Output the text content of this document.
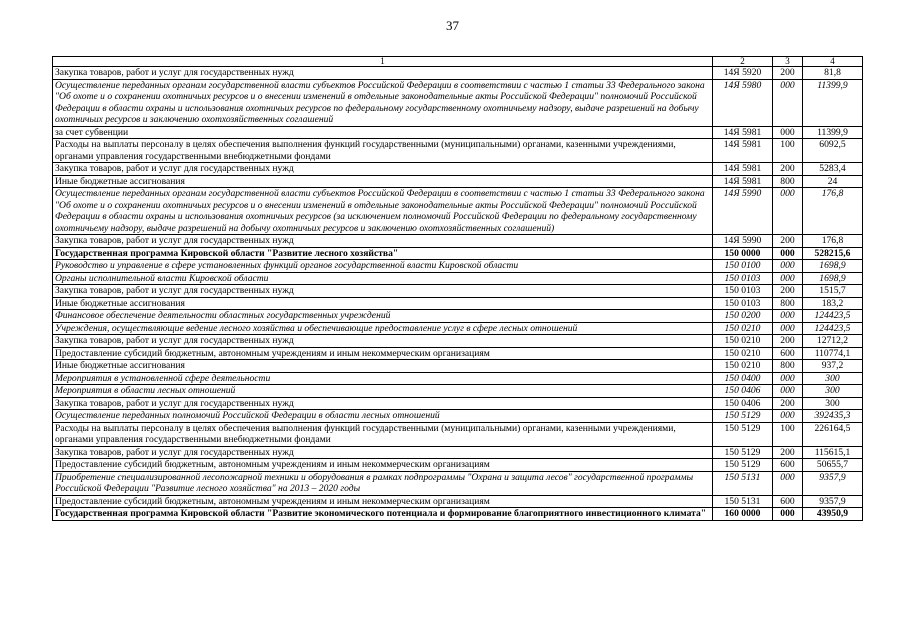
37
1	2	3	4
Закупка товаров, работ и услуг для государственных нужд	14Я 5920	200	81,8
Осуществление переданных органам государственной власти субъектов Российской Федерации в соответствии с частью 1 статьи 33 Федерального закона "Об охоте и о сохранении охотничьих ресурсов и о внесении изменений в отдельные законодательные акты Российской Федерации" полномочий Российской Федерации в области охраны и использования охотничьих ресурсов по федеральному государственному охотничьему надзору, выдаче разрешений на добычу охотничьих ресурсов и заключению охотхозяйственных соглашений	14Я 5980	000	11399,9
за счет субвенции	14Я 5981	000	11399,9
Расходы на выплаты персоналу в целях обеспечения выполнения функций государственными (муниципальными) органами, казенными учреждениями, органами управления государственными внебюджетными фондами	14Я 5981	100	6092,5
Закупка товаров, работ и услуг для государственных нужд	14Я 5981	200	5283,4
Иные бюджетные ассигнования	14Я 5981	800	24
Осуществление переданных органам государственной власти субъектов Российской Федерации в соответствии с частью 1 статьи 33 Федерального закона "Об охоте и о сохранении охотничьих ресурсов и о внесении изменений в отдельные законодательные акты Российской Федерации" полномочий Российской Федерации в области охраны и использования охотничьих ресурсов (за исключением полномочий Российской Федерации по федеральному государственному охотничьему надзору, выдаче разрешений на добычу охотничьих ресурсов и заключению охотхозяйственных соглашений)	14Я 5990	000	176,8
Закупка товаров, работ и услуг для государственных нужд	14Я 5990	200	176,8
Государственная программа Кировской области "Развитие лесного хозяйства"	150 0000	000	528215,6
Руководство и управление в сфере установленных функций органов государственной власти Кировской области	150 0100	000	1698,9
Органы исполнительной власти Кировской области	150 0103	000	1698,9
Закупка товаров, работ и услуг для государственных нужд	150 0103	200	1515,7
Иные бюджетные ассигнования	150 0103	800	183,2
Финансовое обеспечение деятельности областных государственных учреждений	150 0200	000	124423,5
Учреждения, осуществляющие ведение лесного хозяйства и обеспечивающие предоставление услуг в сфере лесных отношений	150 0210	000	124423,5
Закупка товаров, работ и услуг для государственных нужд	150 0210	200	12712,2
Предоставление субсидий бюджетным, автономным учреждениям и иным некоммерческим организациям	150 0210	600	110774,1
Иные бюджетные ассигнования	150 0210	800	937,2
Мероприятия в установленной сфере деятельности	150 0400	000	300
Мероприятия в области лесных отношений	150 0406	000	300
Закупка товаров, работ и услуг для государственных нужд	150 0406	200	300
Осуществление переданных полномочий Российской Федерации в области лесных отношений	150 5129	000	392435,3
Расходы на выплаты персоналу в целях обеспечения выполнения функций государственными (муниципальными) органами, казенными учреждениями, органами управления государственными внебюджетными фондами	150 5129	100	226164,5
Закупка товаров, работ и услуг для государственных нужд	150 5129	200	115615,1
Предоставление субсидий бюджетным, автономным учреждениям и иным некоммерческим организациям	150 5129	600	50655,7
Приобретение специализированной лесопожарной техники и оборудования в рамках подпрограммы "Охрана и защита лесов" государственной программы Российской Федерации "Развитие лесного хозяйства" на 2013 – 2020 годы	150 5131	000	9357,9
Предоставление субсидий бюджетным, автономным учреждениям и иным некоммерческим организациям	150 5131	600	9357,9
Государственная программа Кировской области "Развитие экономического потенциала и формирование благоприятного инвестиционного климата"	160 0000	000	43950,9
